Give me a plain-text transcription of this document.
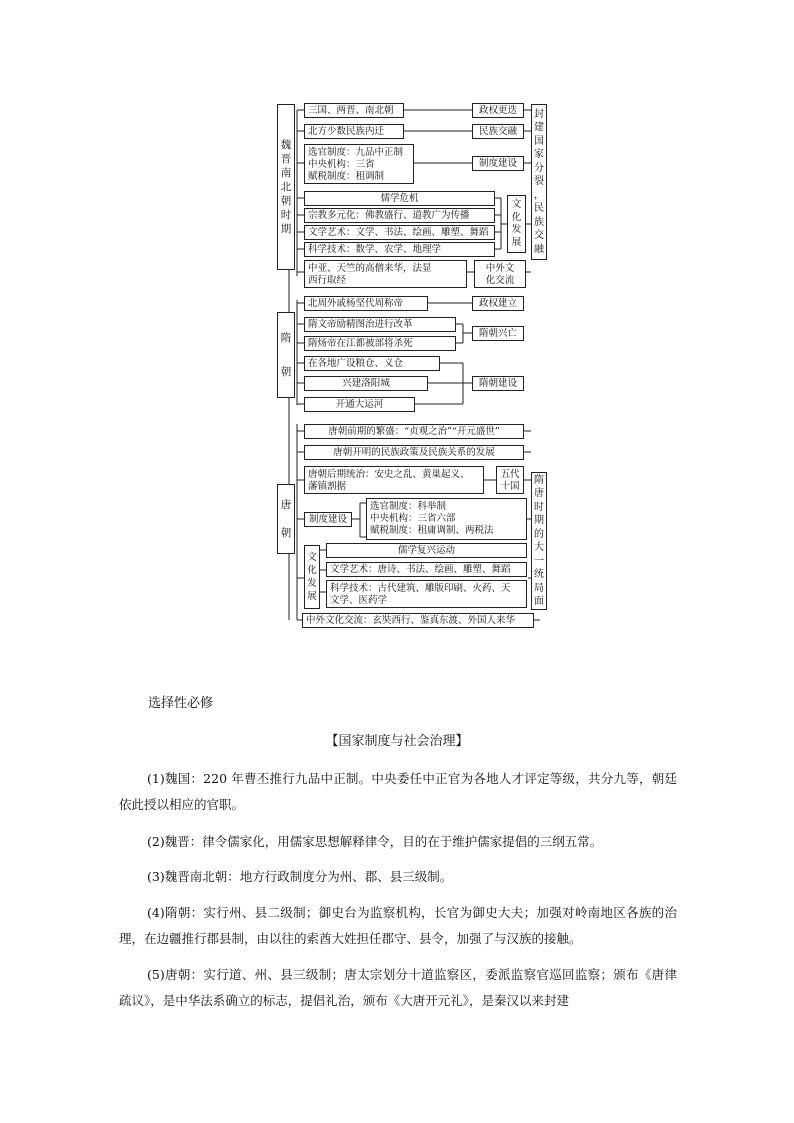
魏
晋
南
北
朝
时
期
隋
朝
唐
朝
封
建
国
家
分
裂
，
民
族
交
融
隋
唐
时
期
的
大
一
统
局
面
三国、两晋、南北朝	政权更迭
北方少数民族内迁	民族交融
选官制度：九品中正制
中央机构：三省
赋税制度：租调制
制度建设
儒学危机
宗教多元化：佛教盛行、道教广为传播
文学艺术：文学、书法、绘画、雕塑、舞蹈
科学技术：数学、农学、地理学
文
化
发
展
中亚、天竺的高僧来华，法显
西行取经
中外文
化交流
北周外戚杨坚代周称帝	政权建立
隋文帝励精图治进行改革
隋炀帝在江都被部将杀死
隋朝兴亡
在各地广设粮仓、义仓
兴建洛阳城
开通大运河
隋朝建设
唐朝前期的繁盛：“贞观之治”“开元盛世”
唐朝开明的民族政策及民族关系的发展
唐朝后期统治：安史之乱、黄巢起义、
藩镇割据
五代
十国
制度建设
选官制度：科举制
中央机构：三省六部
赋税制度：租庸调制、两税法
文
化
发
展
儒学复兴运动
文学艺术：唐诗、书法、绘画、雕塑、舞蹈
科学技术：古代建筑、雕版印刷、火药、天
文学、医药学
中外文化交流：玄奘西行、鉴真东渡、外国人来华
选择性必修
【国家制度与社会治理】
(1)魏国：220 年曹丕推行九品中正制。中央委任中正官为各地人才评定等级，共分九等，朝廷依此授以相应的官职。
(2)魏晋：律令儒家化，用儒家思想解释律令，目的在于维护儒家提倡的三纲五常。
(3)魏晋南北朝：地方行政制度分为州、郡、县三级制。
(4)隋朝：实行州、县二级制；御史台为监察机构，长官为御史大夫；加强对岭南地区各族的治理，在边疆推行郡县制，由以往的索酋大姓担任郡守、县令，加强了与汉族的接触。
(5)唐朝：实行道、州、县三级制；唐太宗划分十道监察区，委派监察官巡回监察；颁布《唐律疏议》，是中华法系确立的标志，提倡礼治，颁布《大唐开元礼》，是秦汉以来封建
